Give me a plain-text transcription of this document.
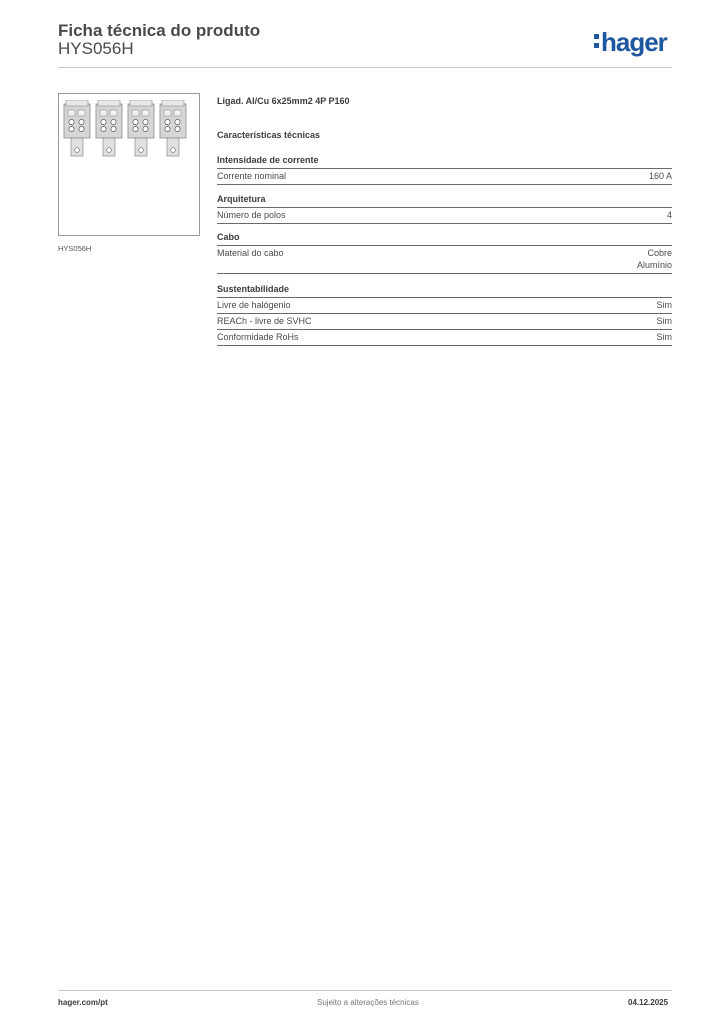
Ficha técnica do produto
HYS056H	hager
HYS056H
Ligad. Al/Cu 6x25mm2 4P P160
Características técnicas
Intensidade de corrente
Corrente nominal	160 A
Arquitetura
Número de polos	4
Cabo
Material do cabo	Cobre
Alumínio
Sustentabilidade
Livre de halógenio	Sim
REACh - livre de SVHC	Sim
Conformidade RoHs	Sim
hager.com/pt	Sujeito a alterações técnicas	04.12.2025
